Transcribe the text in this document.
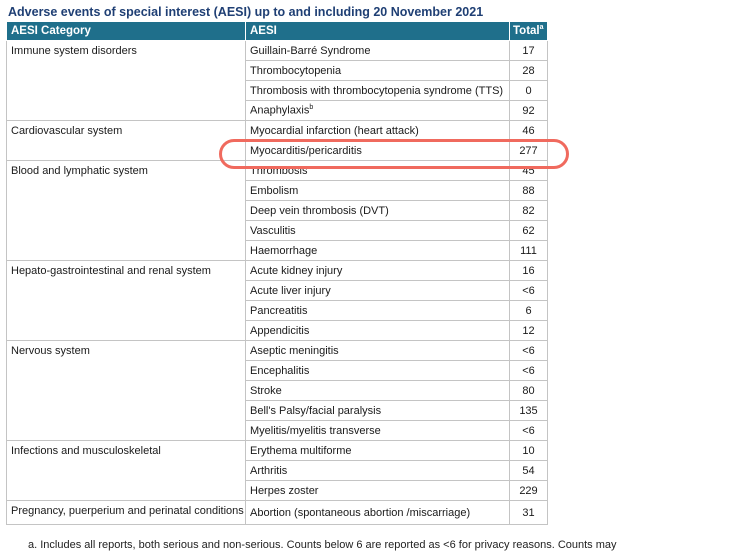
Adverse events of special interest (AESI) up to and including 20 November 2021
AESI Category	AESI	Total$^a$
Immune system disorders	Guillain-Barré Syndrome	17
	Thrombocytopenia	28
	Thrombosis with thrombocytopenia syndrome (TTS)	0
	Anaphylaxis$^b$	92
Cardiovascular system	Myocardial infarction (heart attack)	46
	Myocarditis/pericarditis	277
Blood and lymphatic system	Thrombosis	45
	Embolism	88
	Deep vein thrombosis (DVT)	82
	Vasculitis	62
	Haemorrhage	111
Hepato-gastrointestinal and renal system	Acute kidney injury	16
	Acute liver injury	<6
	Pancreatitis	6
	Appendicitis	12
Nervous system	Aseptic meningitis	<6
	Encephalitis	<6
	Stroke	80
	Bell's Palsy/facial paralysis	135
	Myelitis/myelitis transverse	<6
Infections and musculoskeletal	Erythema multiforme	10
	Arthritis	54
	Herpes zoster	229
Pregnancy, puerperium and perinatal conditions	Abortion (spontaneous abortion /miscarriage)	31
a. Includes all reports, both serious and non-serious. Counts below 6 are reported as <6 for privacy reasons. Counts may
